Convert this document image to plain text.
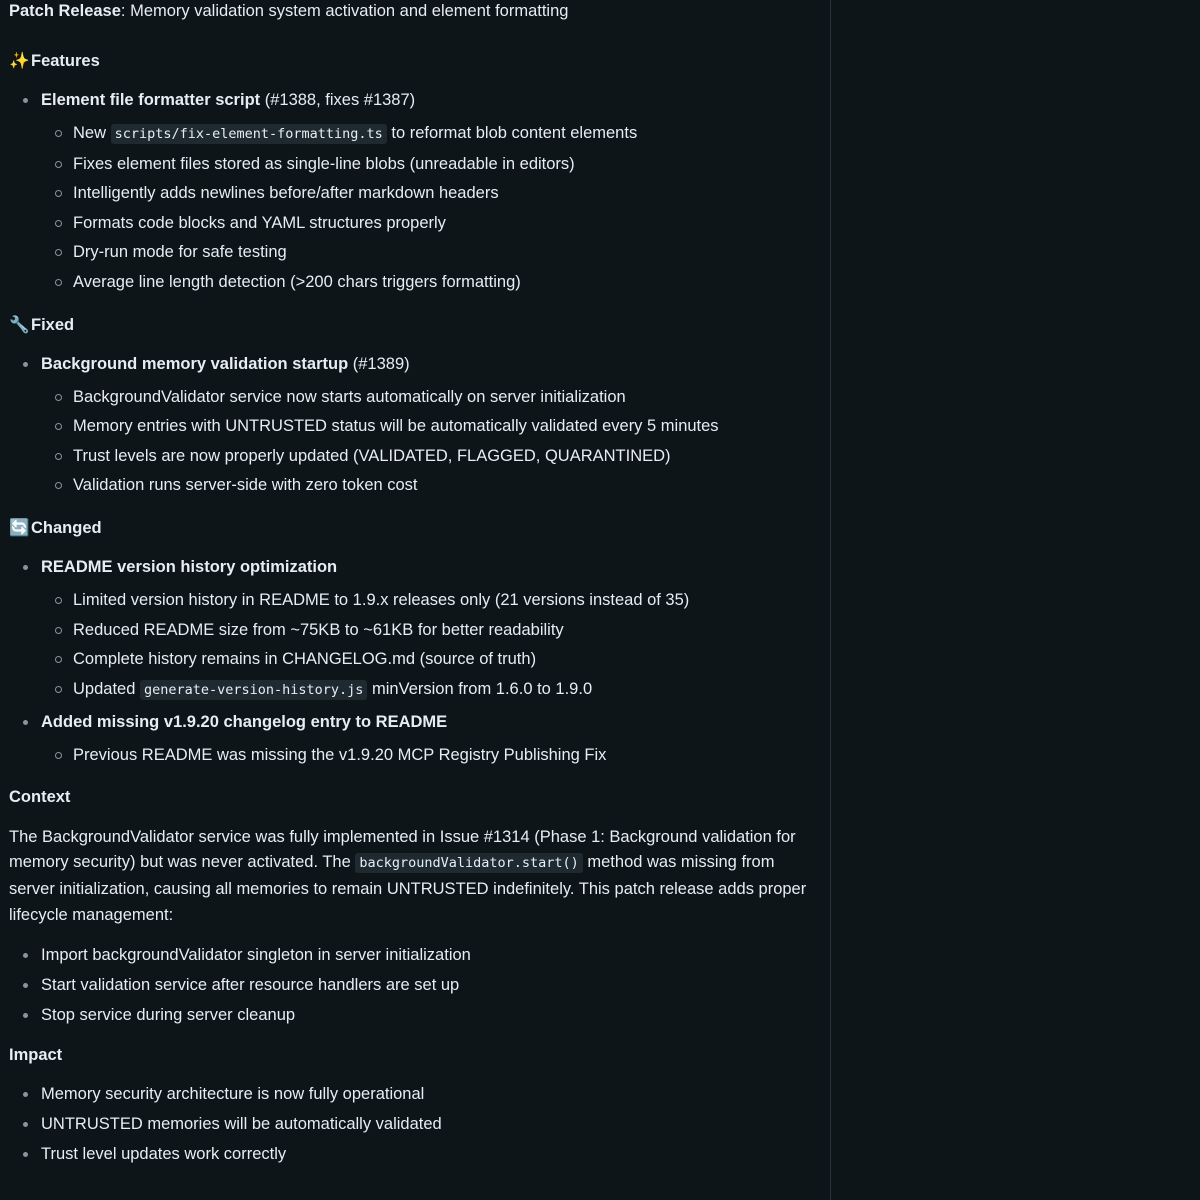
Patch Release: Memory validation system activation and element formatting

✨Features
Element file formatter script (#1388, fixes #1387)
New scripts/fix-element-formatting.ts to reformat blob content elements
Fixes element files stored as single-line blobs (unreadable in editors)
Intelligently adds newlines before/after markdown headers
Formats code blocks and YAML structures properly
Dry-run mode for safe testing
Average line length detection (>200 chars triggers formatting)
🔧Fixed
Background memory validation startup (#1389)
BackgroundValidator service now starts automatically on server initialization
Memory entries with UNTRUSTED status will be automatically validated every 5 minutes
Trust levels are now properly updated (VALIDATED, FLAGGED, QUARANTINED)
Validation runs server-side with zero token cost
🔄Changed
README version history optimization
Limited version history in README to 1.9.x releases only (21 versions instead of 35)
Reduced README size from ~75KB to ~61KB for better readability
Complete history remains in CHANGELOG.md (source of truth)
Updated generate-version-history.js minVersion from 1.6.0 to 1.9.0
Added missing v1.9.20 changelog entry to README
Previous README was missing the v1.9.20 MCP Registry Publishing Fix
Context

The BackgroundValidator service was fully implemented in Issue #1314 (Phase 1: Background validation for memory security) but was never activated. The backgroundValidator.start() method was missing from server initialization, causing all memories to remain UNTRUSTED indefinitely. This patch release adds proper lifecycle management:

Import backgroundValidator singleton in server initialization
Start validation service after resource handlers are set up
Stop service during server cleanup
Impact
Memory security architecture is now fully operational
UNTRUSTED memories will be automatically validated
Trust level updates work correctly
